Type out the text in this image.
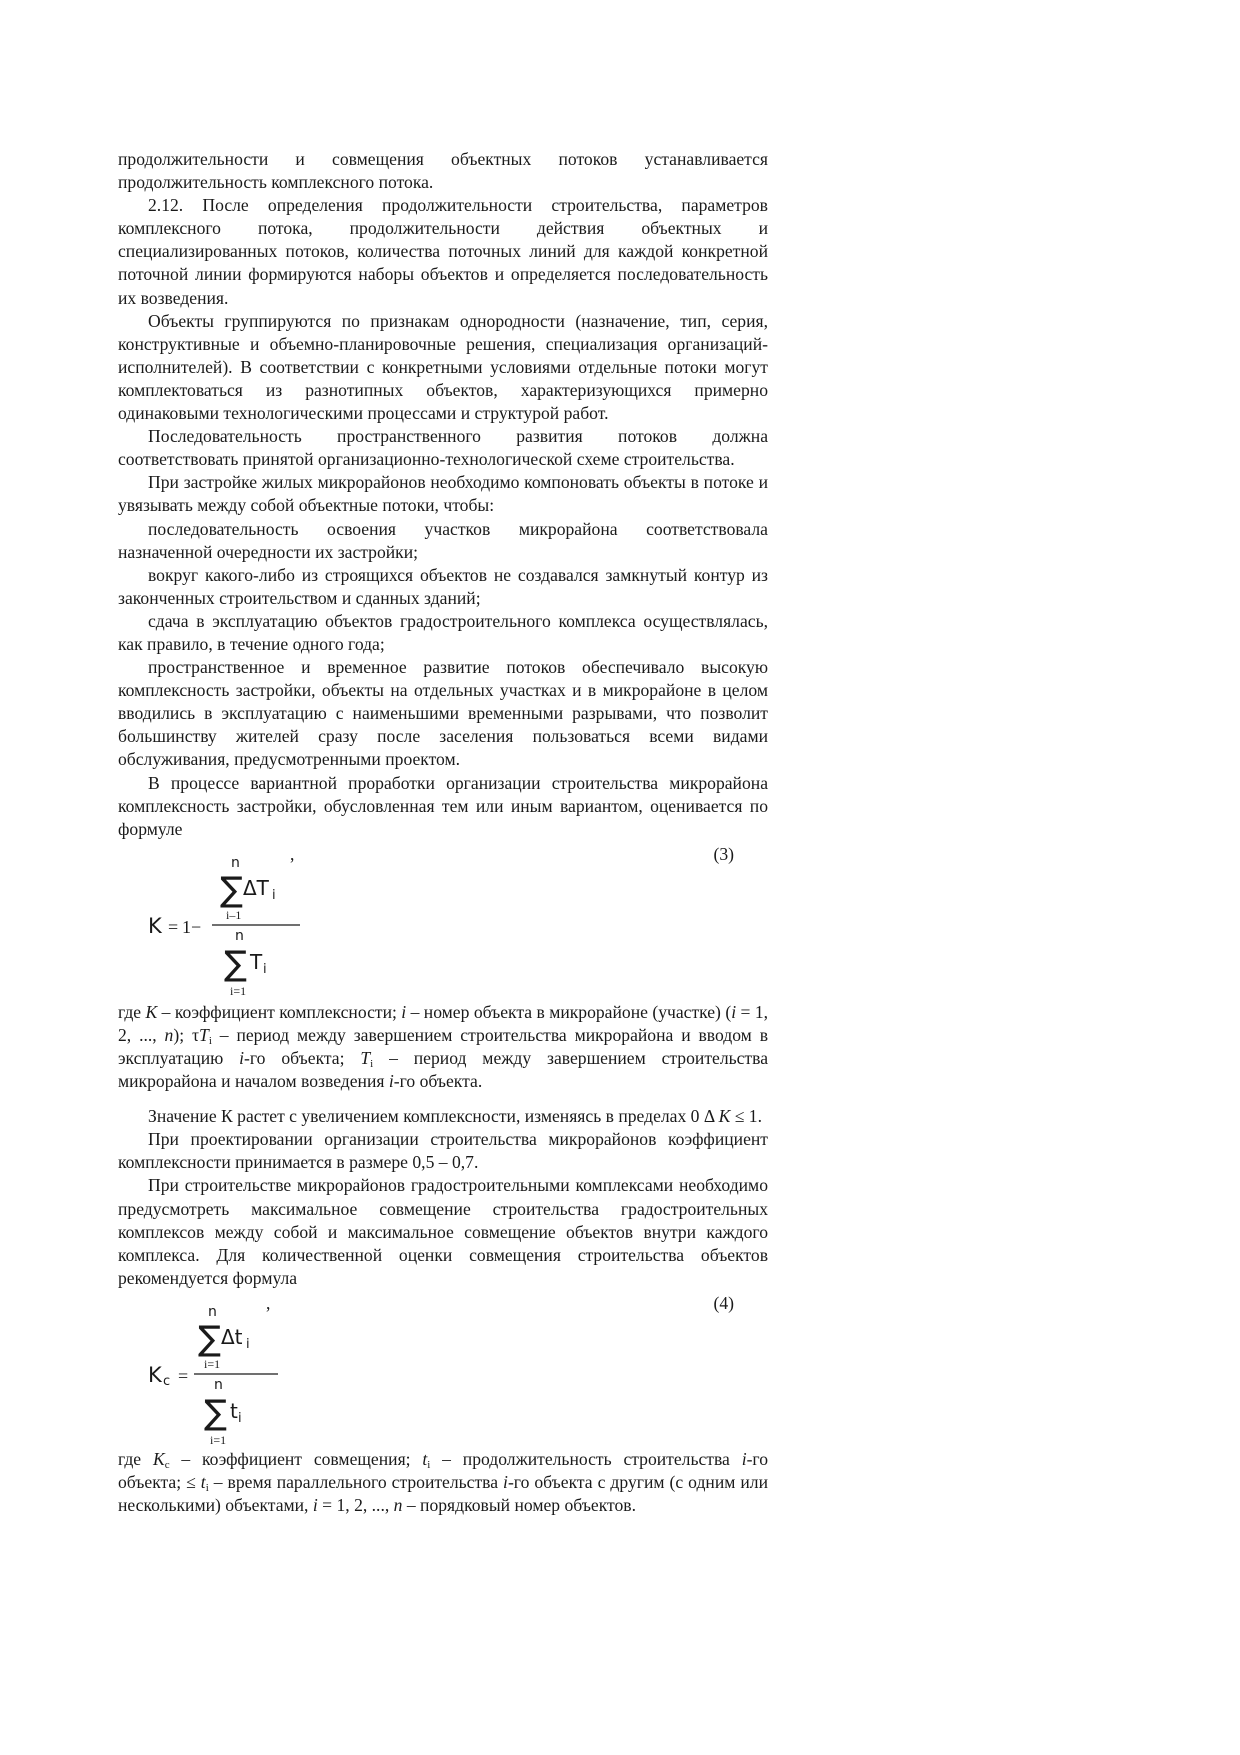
продолжительности и совмещения объектных потоков устанавливается продолжительность комплексного потока.

2.12. После определения продолжительности строительства, параметров комплексного потока, продолжительности действия объектных и специализированных потоков, количества поточных линий для каждой конкретной поточной линии формируются наборы объектов и определяется последовательность их возведения.

Объекты группируются по признакам однородности (назначение, тип, серия, конструктивные и объемно-планировочные решения, специализация организаций-исполнителей). В соответствии с конкретными условиями отдельные потоки могут комплектоваться из разнотипных объектов, характеризующихся примерно одинаковыми технологическими процессами и структурой работ.

Последовательность пространственного развития потоков должна соответствовать принятой организационно-технологической схеме строительства.

При застройке жилых микрорайонов необходимо компоновать объекты в потоке и увязывать между собой объектные потоки, чтобы:

последовательность освоения участков микрорайона соответствовала назначенной очередности их застройки;

вокруг какого-либо из строящихся объектов не создавался замкнутый контур из законченных строительством и сданных зданий;

сдача в эксплуатацию объектов градостроительного комплекса осуществлялась, как правило, в течение одного года;

пространственное и временное развитие потоков обеспечивало высокую комплексность застройки, объекты на отдельных участках и в микрорайоне в целом вводились в эксплуатацию с наименьшими временными разрывами, что позволит большинству жителей сразу после заселения пользоваться всеми видами обслуживания, предусмотренными проектом.

В процессе вариантной проработки организации строительства микрорайона комплексность застройки, обусловленная тем или иным вариантом, оценивается по формуле

,	(3)
K = 1−
n
∑ ΔT i
i–1
n
∑ T i
i=1

где K – коэффициент комплексности; i – номер объекта в микрорайоне (участке) (i = 1, 2, ..., n); $\tau T_i$ – период между завершением строительства микрорайона и вводом в эксплуатацию i-го объекта; $T_i$ – период между завершением строительства микрорайона и началом возведения i-го объекта.

Значение К растет с увеличением комплексности, изменяясь в пределах 0 Δ K ≤ 1.

При проектировании организации строительства микрорайонов коэффициент комплексности принимается в размере 0,5 – 0,7.

При строительстве микрорайонов градостроительными комплексами необходимо предусмотреть максимальное совмещение строительства градостроительных комплексов между собой и максимальное совмещение объектов внутри каждого комплекса. Для количественной оценки совмещения строительства объектов рекомендуется формула

,	(4)
K c =
n
∑ Δt i
i=1
n
∑ t i
i=1

где $K_c$ – коэффициент совмещения; $t_i$ – продолжительность строительства i-го объекта; ≤ $t_i$ – время параллельного строительства i-го объекта с другим (с одним или несколькими) объектами, i = 1, 2, ..., n – порядковый номер объектов.
